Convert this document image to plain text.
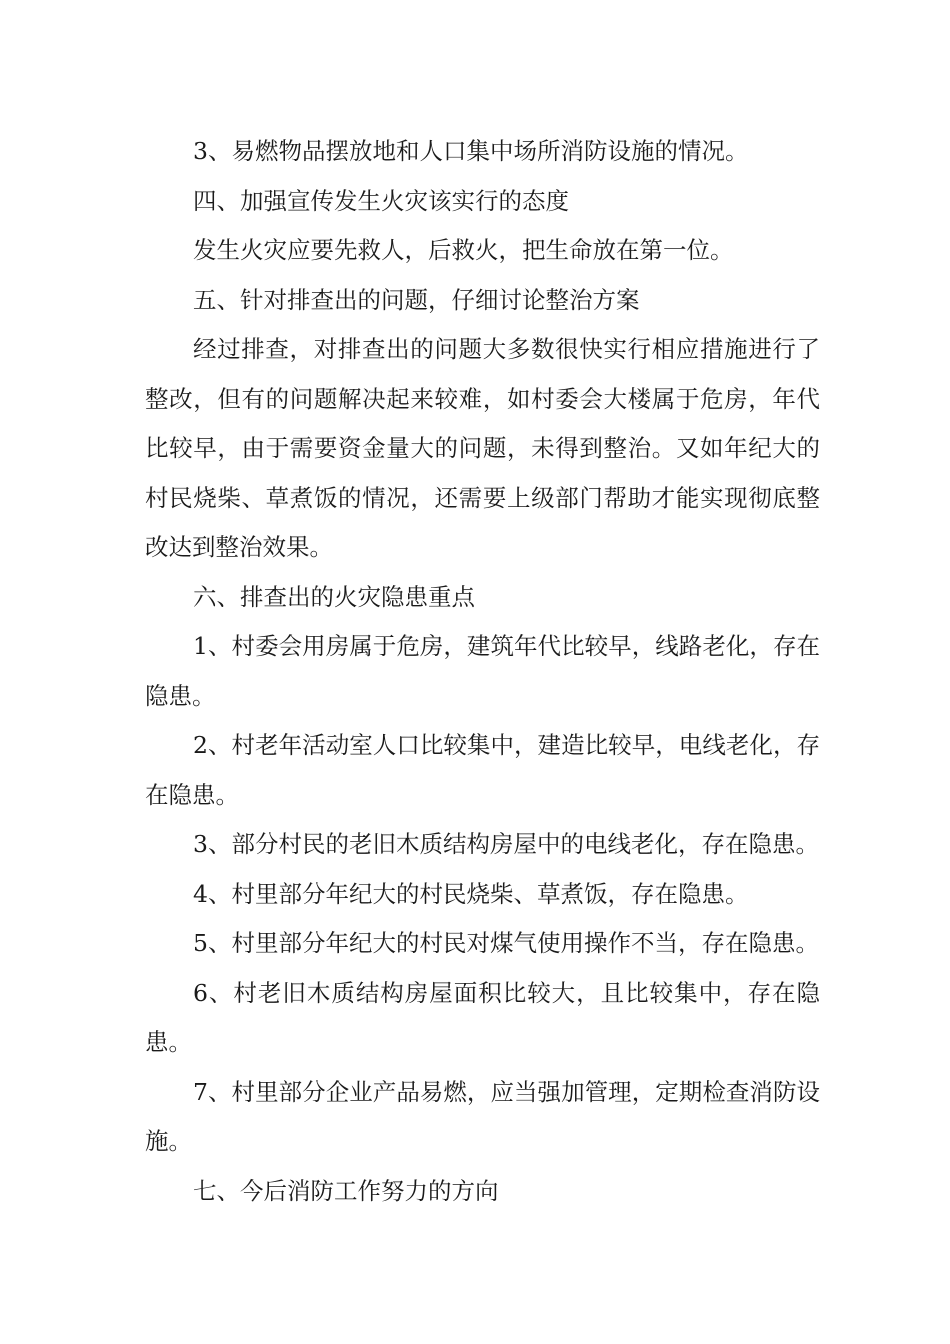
3、易燃物品摆放地和人口集中场所消防设施的情况。

四、加强宣传发生火灾该实行的态度

发生火灾应要先救人，后救火，把生命放在第一位。

五、针对排查出的问题，仔细讨论整治方案

经过排查，对排查出的问题大多数很快实行相应措施进行了整改，但有的问题解决起来较难，如村委会大楼属于危房，年代比较早，由于需要资金量大的问题，未得到整治。又如年纪大的村民烧柴、草煮饭的情况，还需要上级部门帮助才能实现彻底整改达到整治效果。

六、排查出的火灾隐患重点

1、村委会用房属于危房，建筑年代比较早，线路老化，存在隐患。

2、村老年活动室人口比较集中，建造比较早，电线老化，存在隐患。

3、部分村民的老旧木质结构房屋中的电线老化，存在隐患。

4、村里部分年纪大的村民烧柴、草煮饭，存在隐患。

5、村里部分年纪大的村民对煤气使用操作不当，存在隐患。

6、村老旧木质结构房屋面积比较大，且比较集中，存在隐患。

7、村里部分企业产品易燃，应当强加管理，定期检查消防设施。

七、今后消防工作努力的方向
